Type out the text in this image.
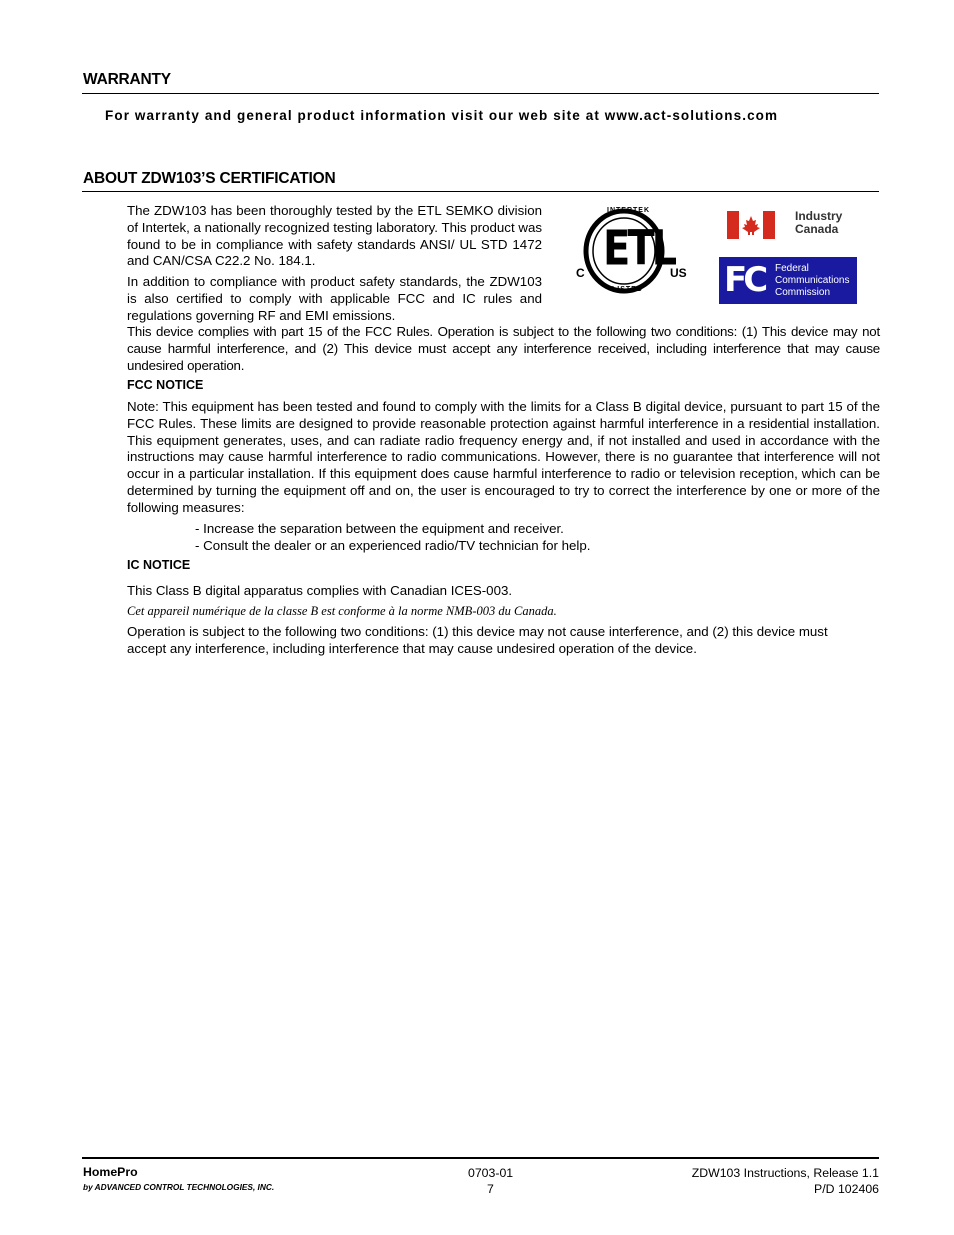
WARRANTY
For warranty and general product information visit our web site at www.act-solutions.com
ABOUT ZDW103’S CERTIFICATION
The ZDW103 has been thoroughly tested by the ETL SEMKO division of Intertek, a nationally recognized testing laboratory. This product was found to be in compliance with safety standards ANSI/ UL STD 1472 and CAN/CSA C22.2 No. 184.1.
In addition to compliance with product safety standards, the ZDW103 is also certified to comply with applicable FCC and IC rules and regulations governing RF and EMI emissions.
INTERTEK
ETL
LISTED
C	US
Industry
Canada
FC Federal
Communications
Commission
This device complies with part 15 of the FCC Rules. Operation is subject to the following two conditions: (1) This device may not cause harmful interference, and (2) This device must accept any interference received, including interference that may cause undesired operation.
FCC NOTICE
Note: This equipment has been tested and found to comply with the limits for a Class B digital device, pursuant to part 15 of the FCC Rules. These limits are designed to provide reasonable protection against harmful interference in a residential installation. This equipment generates, uses, and can radiate radio frequency energy and, if not installed and used in accordance with the instructions may cause harmful interference to radio communications. However, there is no guarantee that interference will not occur in a particular installation. If this equipment does cause harmful interference to radio or television reception, which can be determined by turning the equipment off and on, the user is encouraged to try to correct the interference by one or more of the following measures:
- Increase the separation between the equipment and receiver.
- Consult the dealer or an experienced radio/TV technician for help.
IC NOTICE
This Class B digital apparatus complies with Canadian ICES-003.
Cet appareil numérique de la classe B est conforme à la norme NMB-003 du Canada.
Operation is subject to the following two conditions: (1) this device may not cause interference, and (2) this device must accept any interference, including interference that may cause undesired operation of the device.
HomePro
by ADVANCED CONTROL TECHNOLOGIES, INC.
0703-01
7
ZDW103 Instructions, Release 1.1
P/D 102406
